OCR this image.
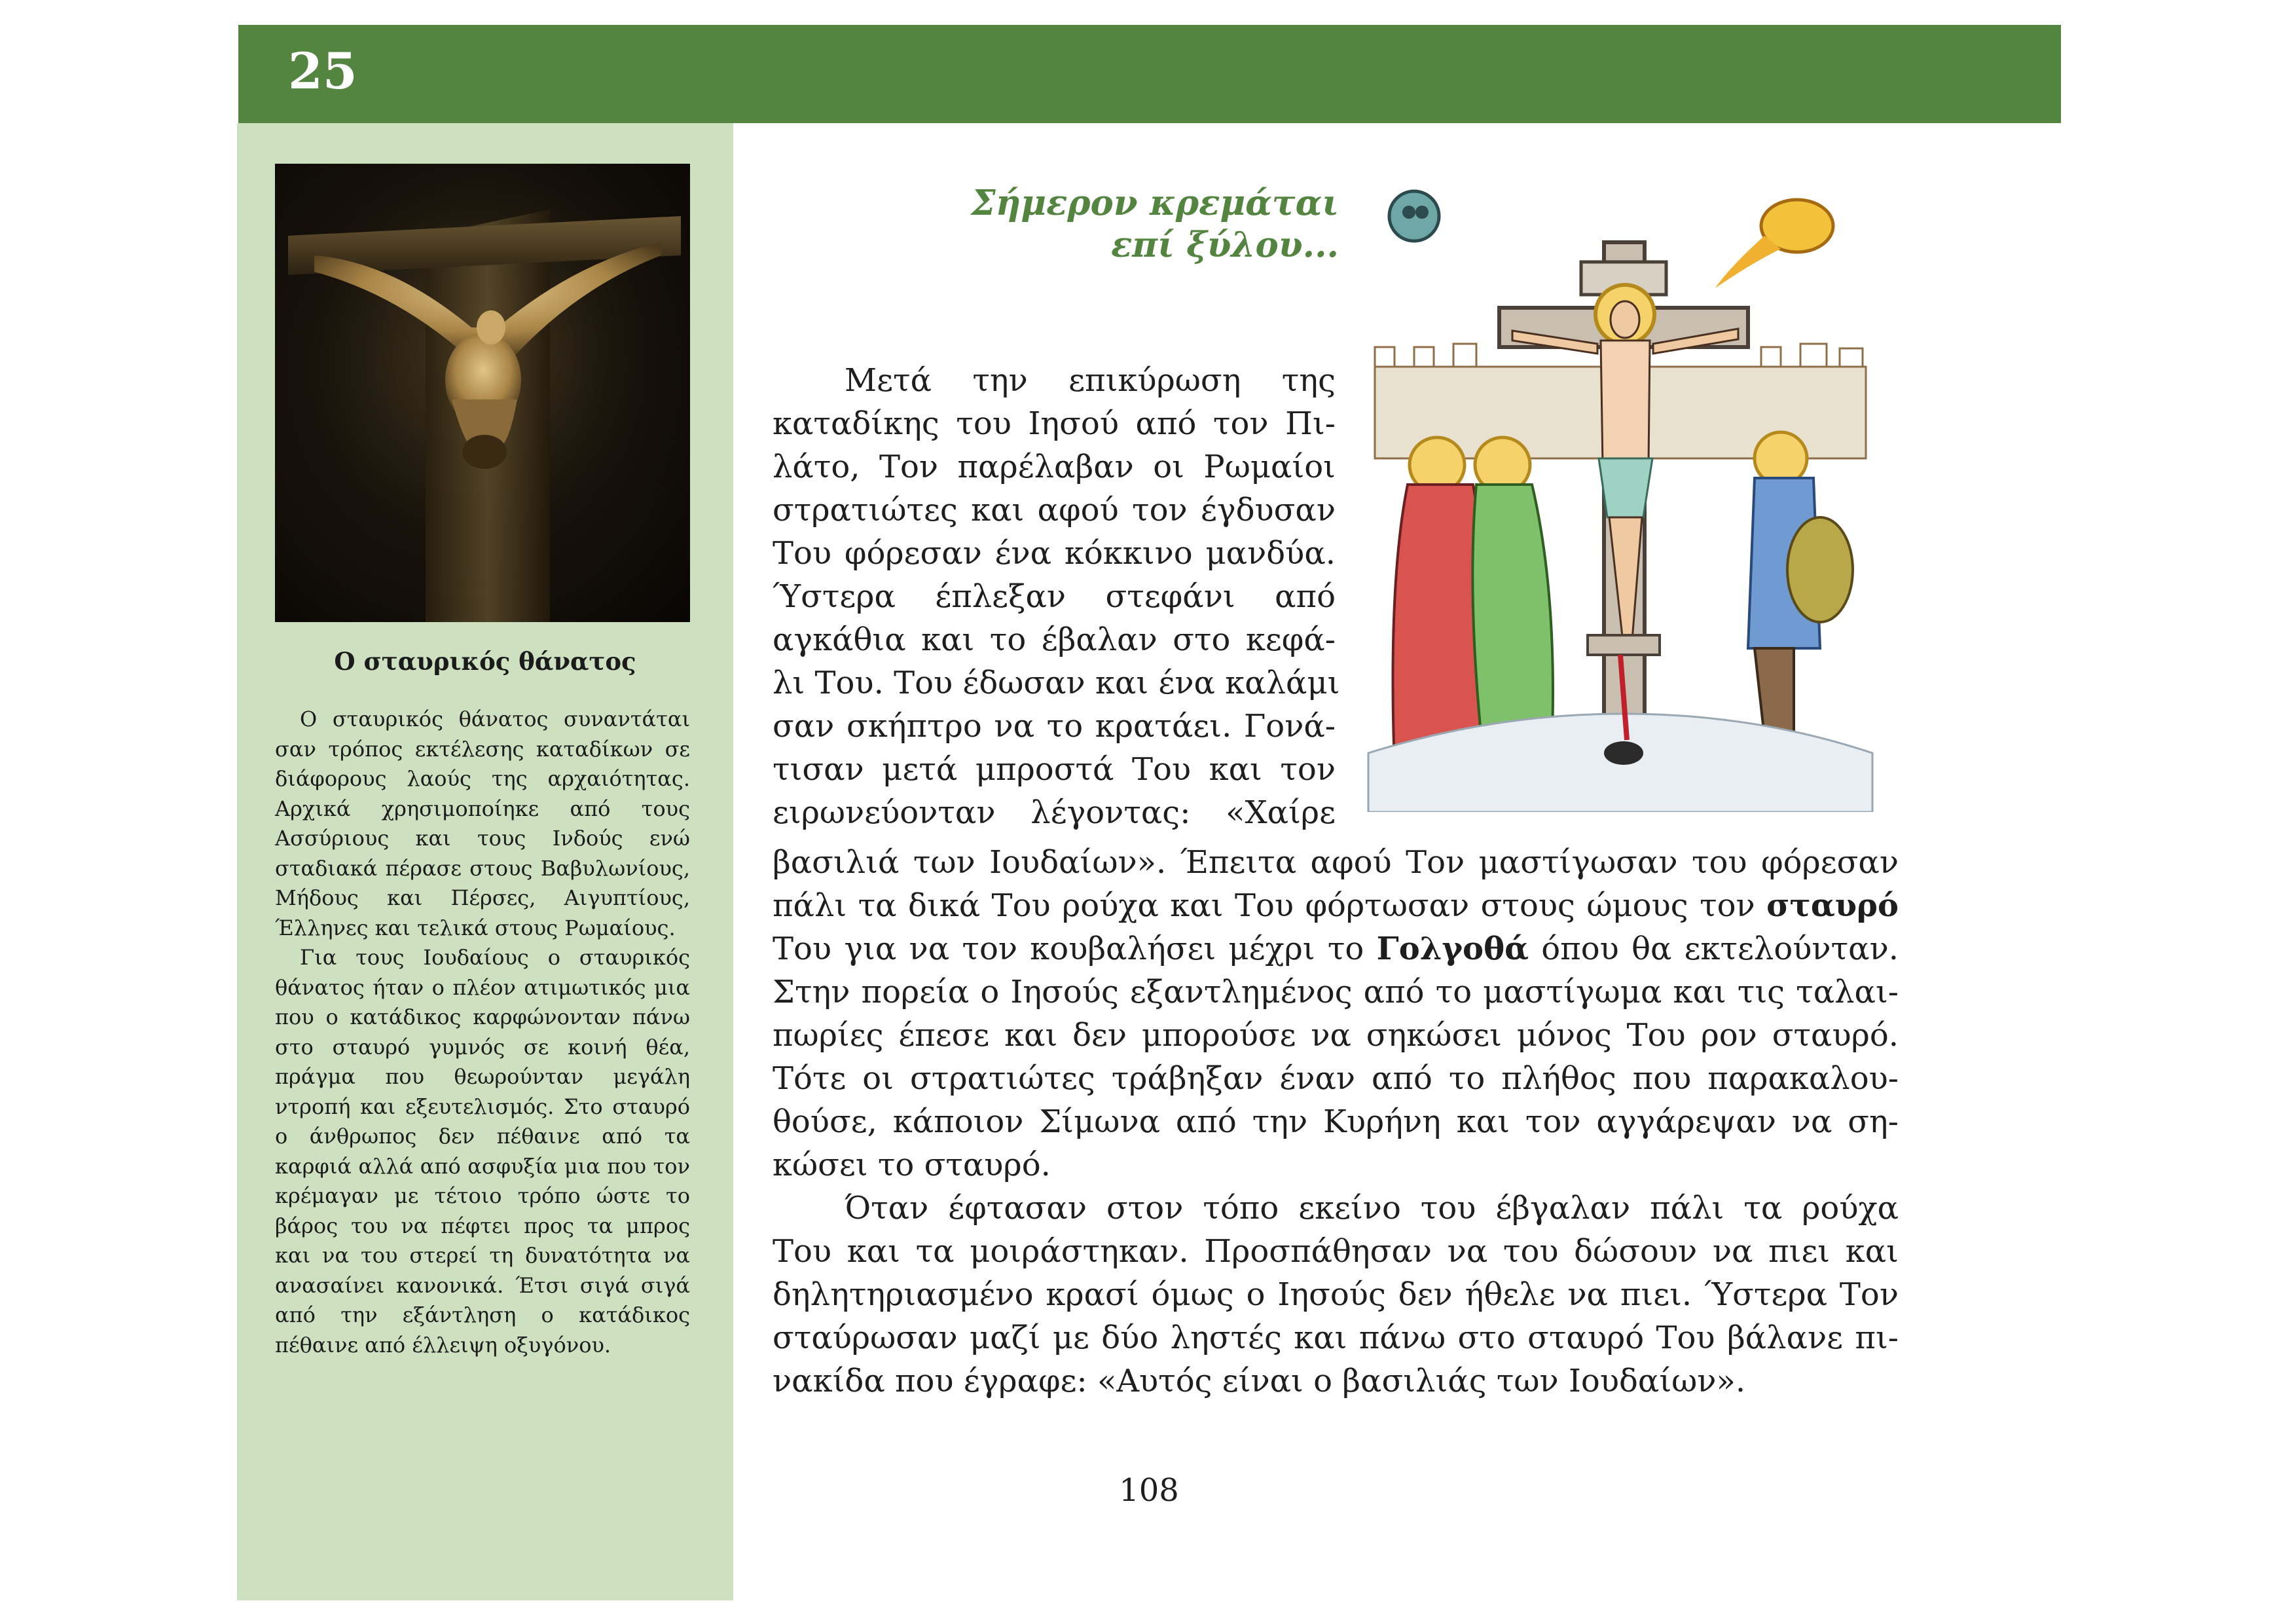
25
Ο σταυρικός θάνατος

Ο σταυρικός θάνατος συναντάται σαν τρόπος εκτέλεσης καταδίκων σε διάφορους λαούς της αρχαιότητας. Αρχικά χρησιμοποίηκε από τους Ασσύριους και τους Ινδούς ενώ σταδιακά πέρασε στους Βαβυλωνίους, Μήδους και Πέρσες, Αιγυπτίους, Έλληνες και τελικά στους Ρωμαίους.

Για τους Ιουδαίους ο σταυρικός θάνατος ήταν ο πλέον ατιμωτικός μια που ο κατάδικος καρφώνονταν πάνω στο σταυρό γυμνός σε κοινή θέα, πράγμα που θεωρούνταν μεγάλη ντροπή και εξευτελισμός. Στο σταυρό ο άνθρωπος δεν πέθαινε από τα καρφιά αλλά από ασφυξία μια που τον κρέμαγαν με τέτοιο τρόπο ώστε το βάρος του να πέφτει προς τα μπρος και να του στερεί τη δυνατότητα να ανασαίνει κανονικά. Έτσι σιγά σιγά από την εξάντληση ο κατάδικος πέθαινε από έλλειψη οξυγόνου.

Σήμερον κρεμάται
επί ξύλου...
Μετά την επικύρωση της
καταδίκης του Ιησού από τον Πι-
λάτο, Τον παρέλαβαν οι Ρωμαίοι
στρατιώτες και αφού τον έγδυσαν
Του φόρεσαν ένα κόκκινο μανδύα.
Ύστερα έπλεξαν στεφάνι από
αγκάθια και το έβαλαν στο κεφά-
λι Του. Του έδωσαν και ένα καλάμι
σαν σκήπτρο να το κρατάει. Γονά-
τισαν μετά μπροστά Του και τον
ειρωνεύονταν λέγοντας: «Χαίρε
βασιλιά των Ιουδαίων». Έπειτα αφού Τον μαστίγωσαν του φόρεσαν
πάλι τα δικά Του ρούχα και Του φόρτωσαν στους ώμους τον σταυρό
Του για να τον κουβαλήσει μέχρι το Γολγοθά όπου θα εκτελούνταν.
Στην πορεία ο Ιησούς εξαντλημένος από το μαστίγωμα και τις ταλαι-
πωρίες έπεσε και δεν μπορούσε να σηκώσει μόνος Του ρον σταυρό.
Τότε οι στρατιώτες τράβηξαν έναν από το πλήθος που παρακαλου-
θούσε, κάποιον Σίμωνα από την Κυρήνη και τον αγγάρεψαν να ση-
κώσει το σταυρό.
Όταν έφτασαν στον τόπο εκείνο του έβγαλαν πάλι τα ρούχα
Του και τα μοιράστηκαν. Προσπάθησαν να του δώσουν να πιει και
δηλητηριασμένο κρασί όμως ο Ιησούς δεν ήθελε να πιει. Ύστερα Τον
σταύρωσαν μαζί με δύο ληστές και πάνω στο σταυρό Του βάλανε πι-
νακίδα που έγραφε: «Αυτός είναι ο βασιλιάς των Ιουδαίων».
108
